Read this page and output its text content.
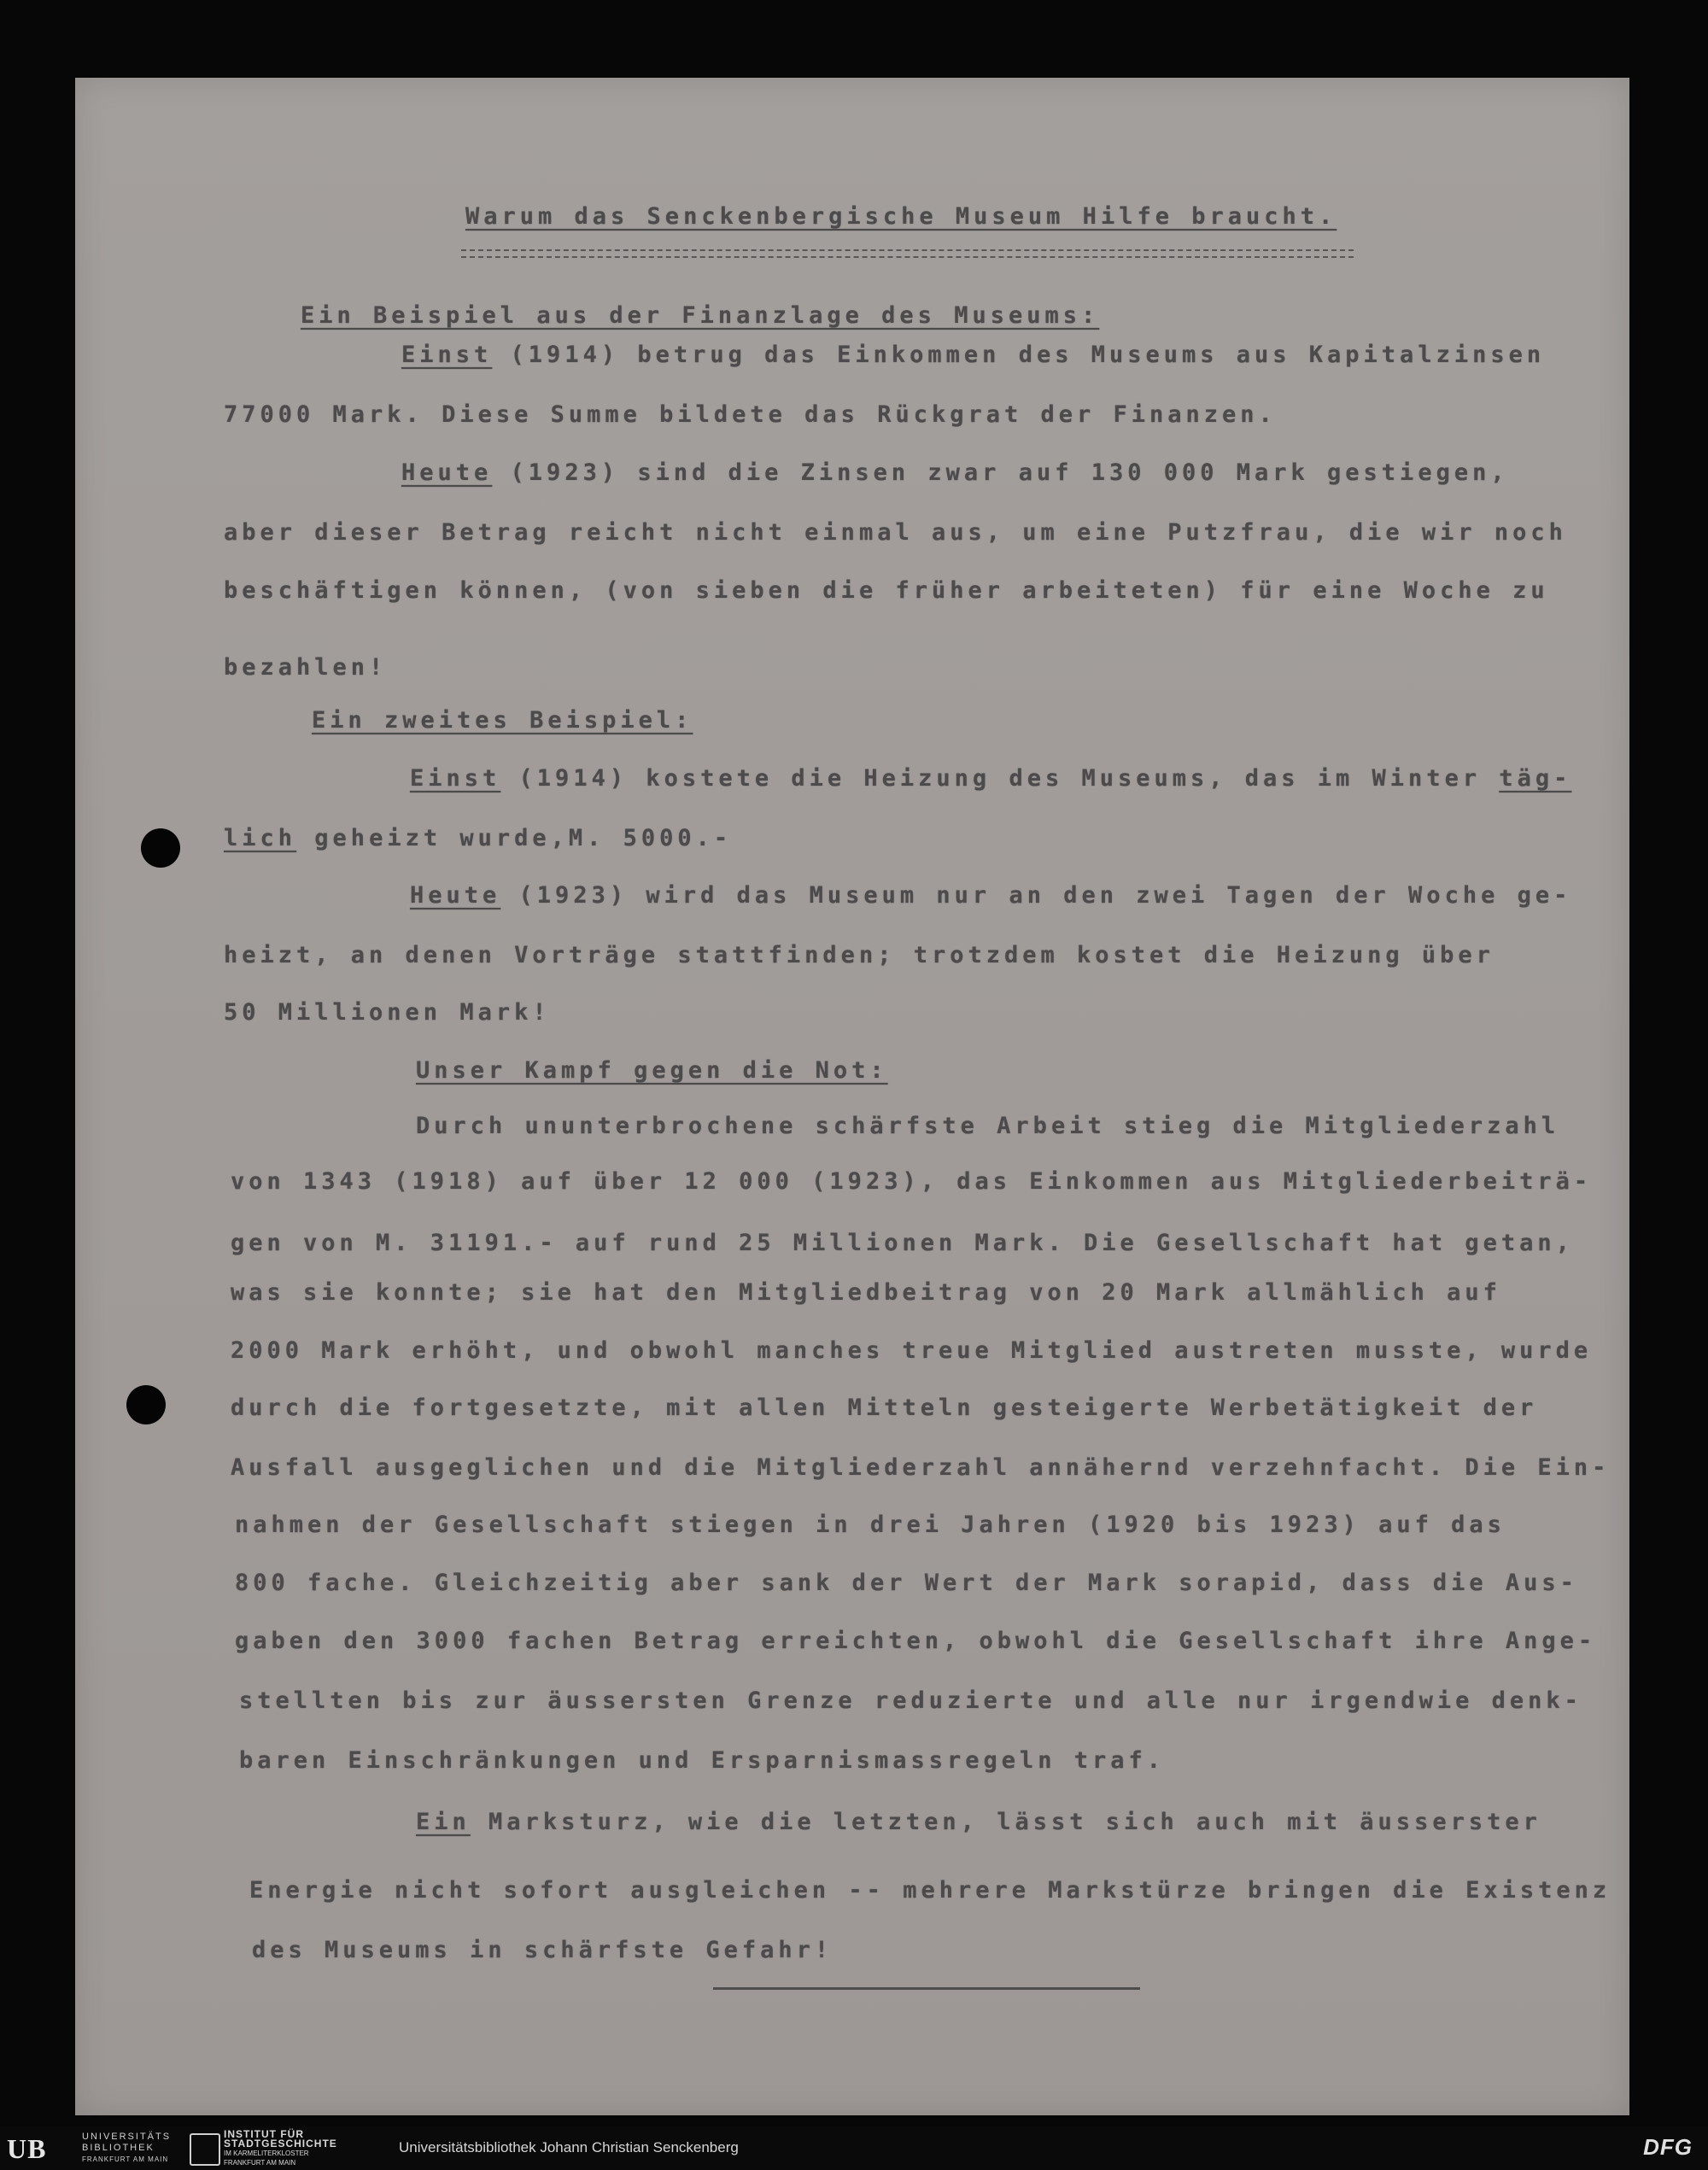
Warum das Senckenbergische Museum Hilfe braucht.

Ein Beispiel aus der Finanzlage des Museums:

Einst (1914) betrug das Einkommen des Museums aus Kapitalzinsen

77000 Mark. Diese Summe bildete das Rückgrat der Finanzen.

Heute (1923) sind die Zinsen zwar auf 130 000 Mark gestiegen,

aber dieser Betrag reicht nicht einmal aus, um eine Putzfrau, die wir noch

beschäftigen können, (von sieben die früher arbeiteten) für eine Woche zu

bezahlen!

Ein zweites Beispiel:

Einst (1914) kostete die Heizung des Museums, das im Winter täg-

lich geheizt wurde,M. 5000.-

Heute (1923) wird das Museum nur an den zwei Tagen der Woche ge-

heizt, an denen Vorträge stattfinden; trotzdem kostet die Heizung über

50 Millionen Mark!

Unser Kampf gegen die Not:

Durch ununterbrochene schärfste Arbeit stieg die Mitgliederzahl

von 1343 (1918) auf über 12 000 (1923), das Einkommen aus Mitgliederbeiträ-

gen von M. 31191.- auf rund 25 Millionen Mark. Die Gesellschaft hat getan,

was sie konnte; sie hat den Mitgliedbeitrag von 20 Mark allmählich auf

2000 Mark erhöht, und obwohl manches treue Mitglied austreten musste, wurde

durch die fortgesetzte, mit allen Mitteln gesteigerte Werbetätigkeit der

Ausfall ausgeglichen und die Mitgliederzahl annähernd verzehnfacht. Die Ein-

nahmen der Gesellschaft stiegen in drei Jahren (1920 bis 1923) auf das

800 fache. Gleichzeitig aber sank der Wert der Mark sorapid, dass die Aus-

gaben den 3000 fachen Betrag erreichten, obwohl die Gesellschaft ihre Ange-

stellten bis zur äussersten Grenze reduzierte und alle nur irgendwie denk-

baren Einschränkungen und Ersparnismassregeln traf.

Ein Marksturz, wie die letzten, lässt sich auch mit äusserster

Energie nicht sofort ausgleichen -- mehrere Markstürze bringen die Existenz

des Museums in schärfste Gefahr!

UB	UNIVERSITÄTS
BIBLIOTHEK
FRANKFURT AM MAIN
INSTITUT FÜR
STADTGESCHICHTE
IM KARMELITERKLOSTER
FRANKFURT AM MAIN
Universitätsbibliothek Johann Christian Senckenberg	DFG
